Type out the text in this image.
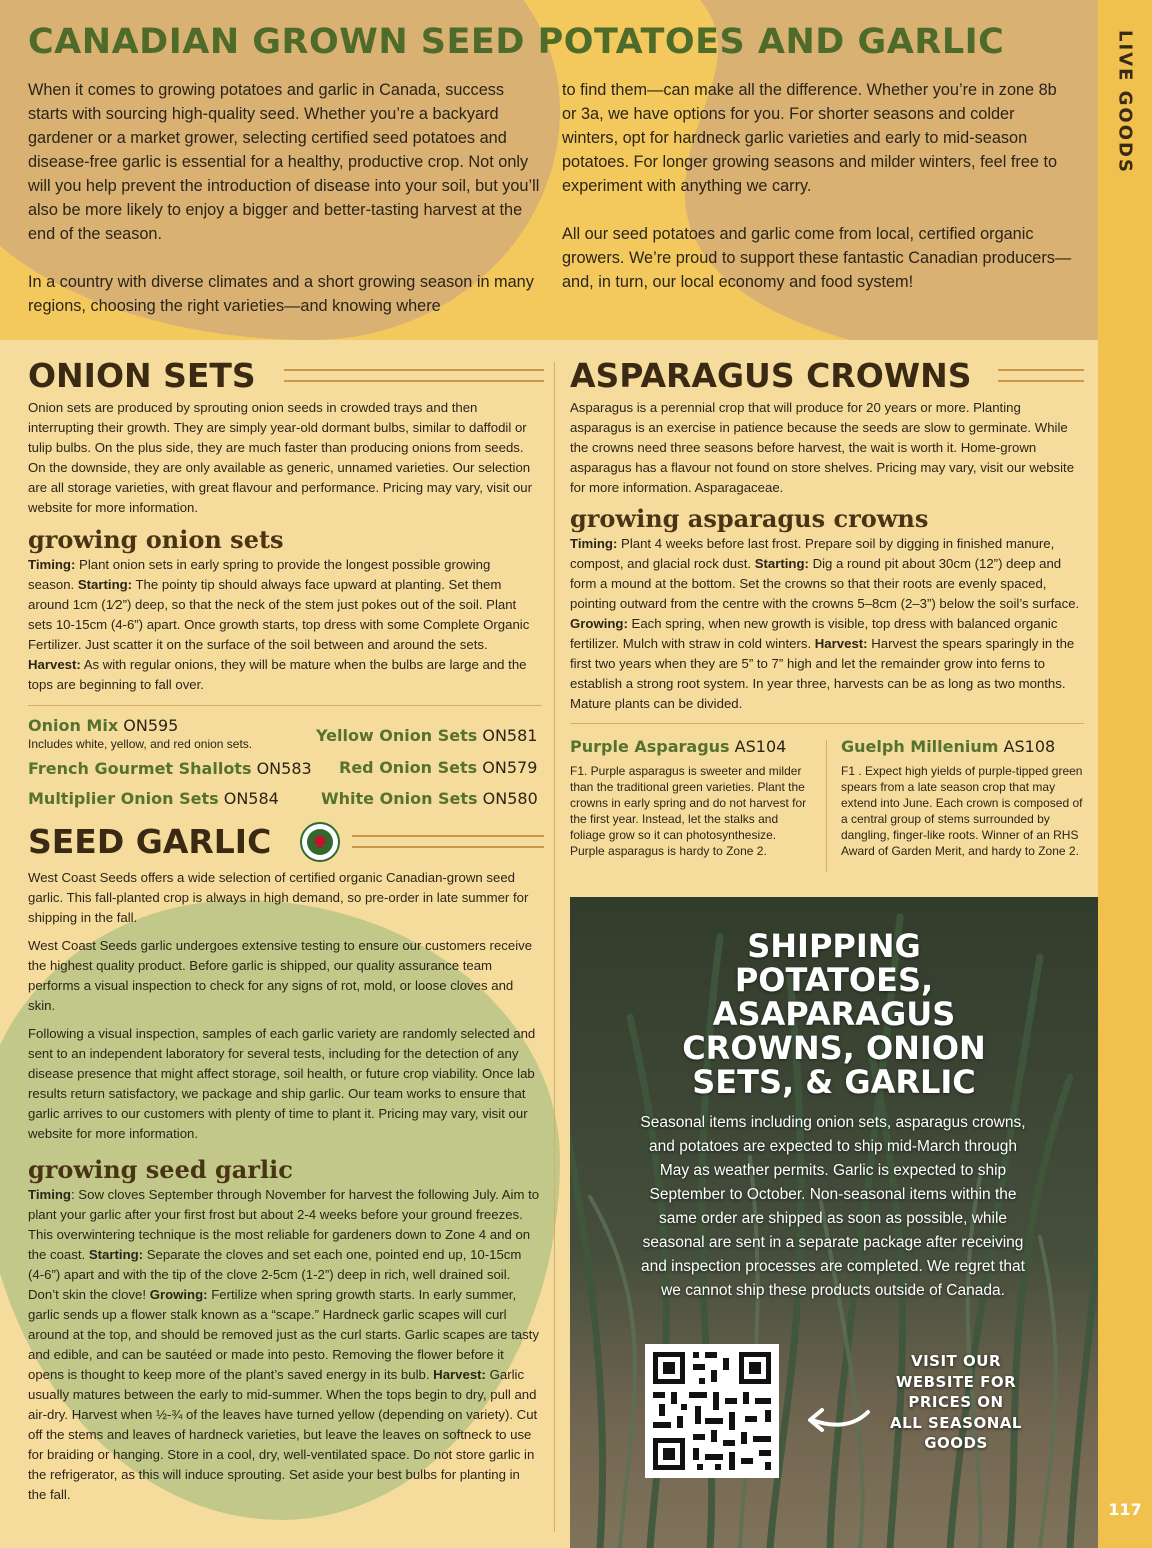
LIVE GOODS
117
CANADIAN GROWN SEED POTATOES AND GARLIC

When it comes to growing potatoes and garlic in Canada, success starts with sourcing high-quality seed. Whether you’re a backyard gardener or a market grower, selecting certified seed potatoes and disease-free garlic is essential for a healthy, productive crop. Not only will you help prevent the introduction of disease into your soil, but you’ll also be more likely to enjoy a bigger and better-tasting harvest at the end of the season.

In a country with diverse climates and a short growing season in many regions, choosing the right varieties—and knowing where

to find them—can make all the difference. Whether you’re in zone 8b or 3a, we have options for you. For shorter seasons and colder winters, opt for hardneck garlic varieties and early to mid-season potatoes. For longer growing seasons and milder winters, feel free to experiment with anything we carry.

All our seed potatoes and garlic come from local, certified organic growers. We’re proud to support these fantastic Canadian producers—and, in turn, our local economy and food system!

ONION SETS

Onion sets are produced by sprouting onion seeds in crowded trays and then interrupting their growth. They are simply year-old dormant bulbs, similar to daffodil or tulip bulbs. On the plus side, they are much faster than producing onions from seeds. On the downside, they are only available as generic, unnamed varieties. Our selection are all storage varieties, with great flavour and performance. Pricing may vary, visit our website for more information.

growing onion sets

Timing: Plant onion sets in early spring to provide the longest possible growing season. Starting: The pointy tip should always face upward at planting. Set them around 1cm (1⁄2”) deep, so that the neck of the stem just pokes out of the soil. Plant sets 10-15cm (4-6”) apart. Once growth starts, top dress with some Complete Organic Fertilizer. Just scatter it on the surface of the soil between and around the sets. Harvest: As with regular onions, they will be mature when the bulbs are large and the tops are beginning to fall over.

Onion Mix ON595
Includes white, yellow, and red onion sets.	Yellow Onion Sets ON581
French Gourmet Shallots ON583 Red Onion Sets ON579
Multiplier Onion Sets ON584	White Onion Sets ON580
SEED GARLIC

West Coast Seeds offers a wide selection of certified organic Canadian-grown seed garlic. This fall-planted crop is always in high demand, so pre-order in late summer for shipping in the fall.

West Coast Seeds garlic undergoes extensive testing to ensure our customers receive the highest quality product. Before garlic is shipped, our quality assurance team performs a visual inspection to check for any signs of rot, mold, or loose cloves and skin.

Following a visual inspection, samples of each garlic variety are randomly selected and sent to an independent laboratory for several tests, including for the detection of any disease presence that might affect storage, soil health, or future crop viability. Once lab results return satisfactory, we package and ship garlic. Our team works to ensure that garlic arrives to our customers with plenty of time to plant it. Pricing may vary, visit our website for more information.

growing seed garlic

Timing: Sow cloves September through November for harvest the following July. Aim to plant your garlic after your first frost but about 2-4 weeks before your ground freezes. This overwintering technique is the most reliable for gardeners down to Zone 4 and on the coast. Starting: Separate the cloves and set each one, pointed end up, 10-15cm (4-6”) apart and with the tip of the clove 2-5cm (1-2”) deep in rich, well drained soil. Don’t skin the clove! Growing: Fertilize when spring growth starts. In early summer, garlic sends up a flower stalk known as a “scape.” Hardneck garlic scapes will curl around at the top, and should be removed just as the curl starts. Garlic scapes are tasty and edible, and can be sautéed or made into pesto. Removing the flower before it opens is thought to keep more of the plant’s saved energy in its bulb. Harvest: Garlic usually matures between the early to mid-summer. When the tops begin to dry, pull and air-dry. Harvest when ½-¾ of the leaves have turned yellow (depending on variety). Cut off the stems and leaves of hardneck varieties, but leave the leaves on softneck to use for braiding or hanging. Store in a cool, dry, well-ventilated space. Do not store garlic in the refrigerator, as this will induce sprouting. Set aside your best bulbs for planting in the fall.

ASPARAGUS CROWNS

Asparagus is a perennial crop that will produce for 20 years or more. Planting asparagus is an exercise in patience because the seeds are slow to germinate. While the crowns need three seasons before harvest, the wait is worth it. Home-grown asparagus has a flavour not found on store shelves. Pricing may vary, visit our website for more information. Asparagaceae.

growing asparagus crowns

Timing: Plant 4 weeks before last frost. Prepare soil by digging in finished manure, compost, and glacial rock dust. Starting: Dig a round pit about 30cm (12”) deep and form a mound at the bottom. Set the crowns so that their roots are evenly spaced, pointing outward from the centre with the crowns 5–8cm (2–3”) below the soil’s surface. Growing: Each spring, when new growth is visible, top dress with balanced organic fertilizer. Mulch with straw in cold winters. Harvest: Harvest the spears sparingly in the first two years when they are 5” to 7” high and let the remainder grow into ferns to establish a strong root system. In year three, harvests can be as long as two months. Mature plants can be divided.

Purple Asparagus AS104
F1. Purple asparagus is sweeter and milder than the traditional green varieties. Plant the crowns in early spring and do not harvest for the first year. Instead, let the stalks and foliage grow so it can photosynthesize. Purple asparagus is hardy to Zone 2.
Guelph Millenium AS108
F1 . Expect high yields of purple-tipped green spears from a late season crop that may extend into June. Each crown is composed of a central group of stems surrounded by dangling, finger-like roots. Winner of an RHS Award of Garden Merit, and hardy to Zone 2.
SHIPPING
POTATOES,
ASAPARAGUS
CROWNS, ONION
SETS, & GARLIC
Seasonal items including onion sets, asparagus crowns, and potatoes are expected to ship mid-March through May as weather permits. Garlic is expected to ship September to October. Non-seasonal items within the same order are shipped as soon as possible, while seasonal are sent in a separate package after receiving and inspection processes are completed. We regret that we cannot ship these products outside of Canada.
VISIT OUR
WEBSITE FOR
PRICES ON
ALL SEASONAL
GOODS
